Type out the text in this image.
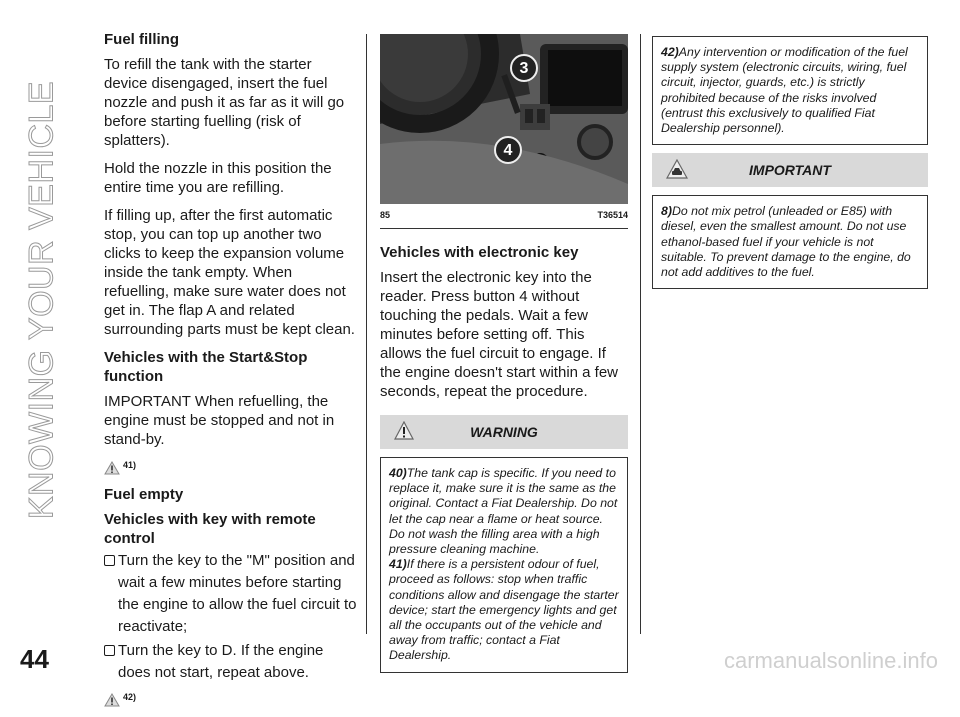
KNOWING YOUR VEHICLE
44	carmanualsonline.info
Fuel filling

To refill the tank with the starter device disengaged, insert the fuel nozzle and push it as far as it will go before starting fuelling (risk of splatters).

Hold the nozzle in this position the entire time you are refilling.

If filling up, after the first automatic stop, you can top up another two clicks to keep the expansion volume inside the tank empty. When refuelling, make sure water does not get in. The flap A and related surrounding parts must be kept clean.

Vehicles with the Start&Stop function

IMPORTANT When refuelling, the engine must be stopped and not in stand-by.

41)
Fuel empty
Vehicles with key with remote control
Turn the key to the "M" position and wait a few minutes before starting the engine to allow the fuel circuit to reactivate;
Turn the key to D. If the engine does not start, repeat above.
42)
3
4
85	T36514
Vehicles with electronic key

Insert the electronic key into the reader. Press button 4 without touching the pedals. Wait a few minutes before setting off. This allows the fuel circuit to engage. If the engine doesn't start within a few seconds, repeat the procedure.

WARNING
40)The tank cap is specific. If you need to replace it, make sure it is the same as the original. Contact a Fiat Dealership. Do not let the cap near a flame or heat source. Do not wash the filling area with a high pressure cleaning machine.
41)If there is a persistent odour of fuel, proceed as follows: stop when traffic conditions allow and disengage the starter device; start the emergency lights and get all the occupants out of the vehicle and away from traffic; contact a Fiat Dealership.
42)Any intervention or modification of the fuel supply system (electronic circuits, wiring, fuel circuit, injector, guards, etc.) is strictly prohibited because of the risks involved (entrust this exclusively to qualified Fiat Dealership personnel).
IMPORTANT
8)Do not mix petrol (unleaded or E85) with diesel, even the smallest amount. Do not use ethanol-based fuel if your vehicle is not suitable. To prevent damage to the engine, do not add additives to the fuel.
